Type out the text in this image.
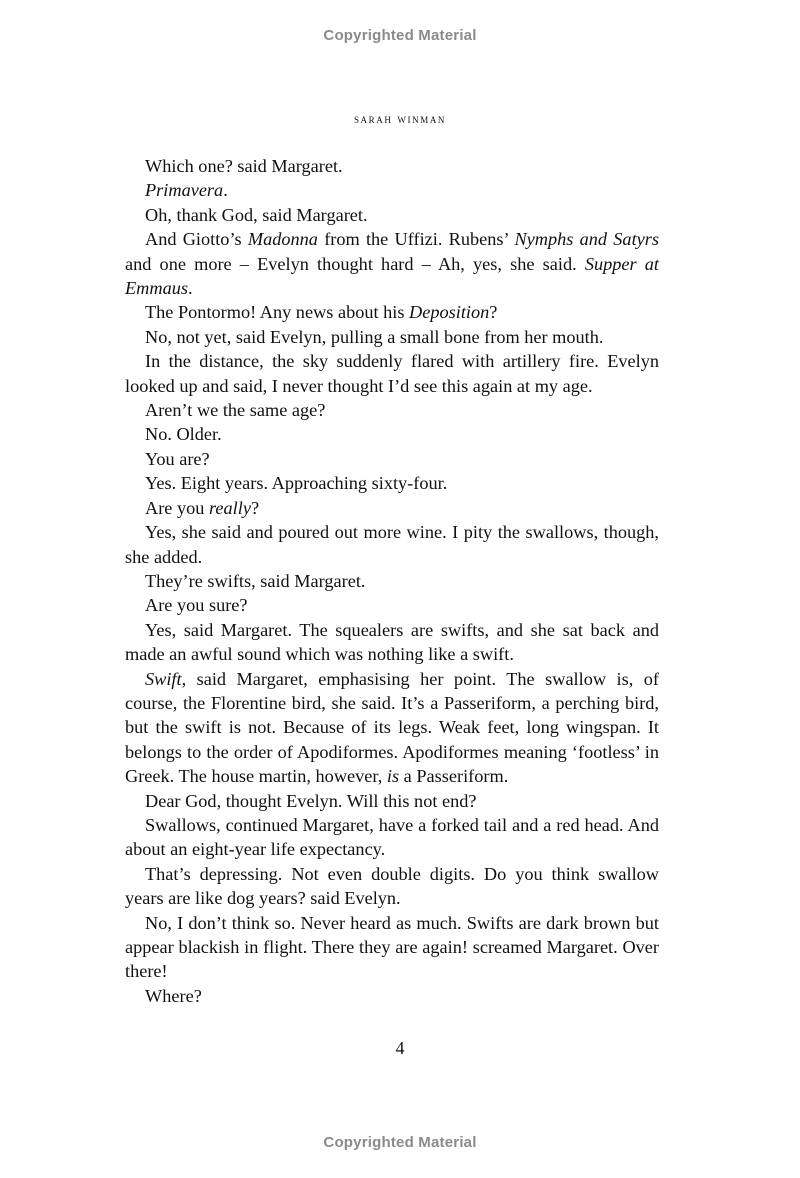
Copyrighted Material
sarah winman

Which one? said Margaret.

Primavera.

Oh, thank God, said Margaret.

And Giotto’s Madonna from the Uffizi. Rubens’ Nymphs and Satyrs and one more – Evelyn thought hard – Ah, yes, she said. Supper at Emmaus.

The Pontormo! Any news about his Deposition?

No, not yet, said Evelyn, pulling a small bone from her mouth.

In the distance, the sky suddenly flared with artillery fire. Evelyn looked up and said, I never thought I’d see this again at my age.

Aren’t we the same age?

No. Older.

You are?

Yes. Eight years. Approaching sixty-four.

Are you really?

Yes, she said and poured out more wine. I pity the swallows, though, she added.

They’re swifts, said Margaret.

Are you sure?

Yes, said Margaret. The squealers are swifts, and she sat back and made an awful sound which was nothing like a swift.

Swift, said Margaret, emphasising her point. The swallow is, of course, the Florentine bird, she said. It’s a Passeriform, a perching bird, but the swift is not. Because of its legs. Weak feet, long wingspan. It belongs to the order of Apodiformes. Apodiformes meaning ‘footless’ in Greek. The house martin, however, is a Passeriform.

Dear God, thought Evelyn. Will this not end?

Swallows, continued Margaret, have a forked tail and a red head. And about an eight-year life expectancy.

That’s depressing. Not even double digits. Do you think swallow years are like dog years? said Evelyn.

No, I don’t think so. Never heard as much. Swifts are dark brown but appear blackish in flight. There they are again! screamed Margaret. Over there!

Where?

4
Copyrighted Material
